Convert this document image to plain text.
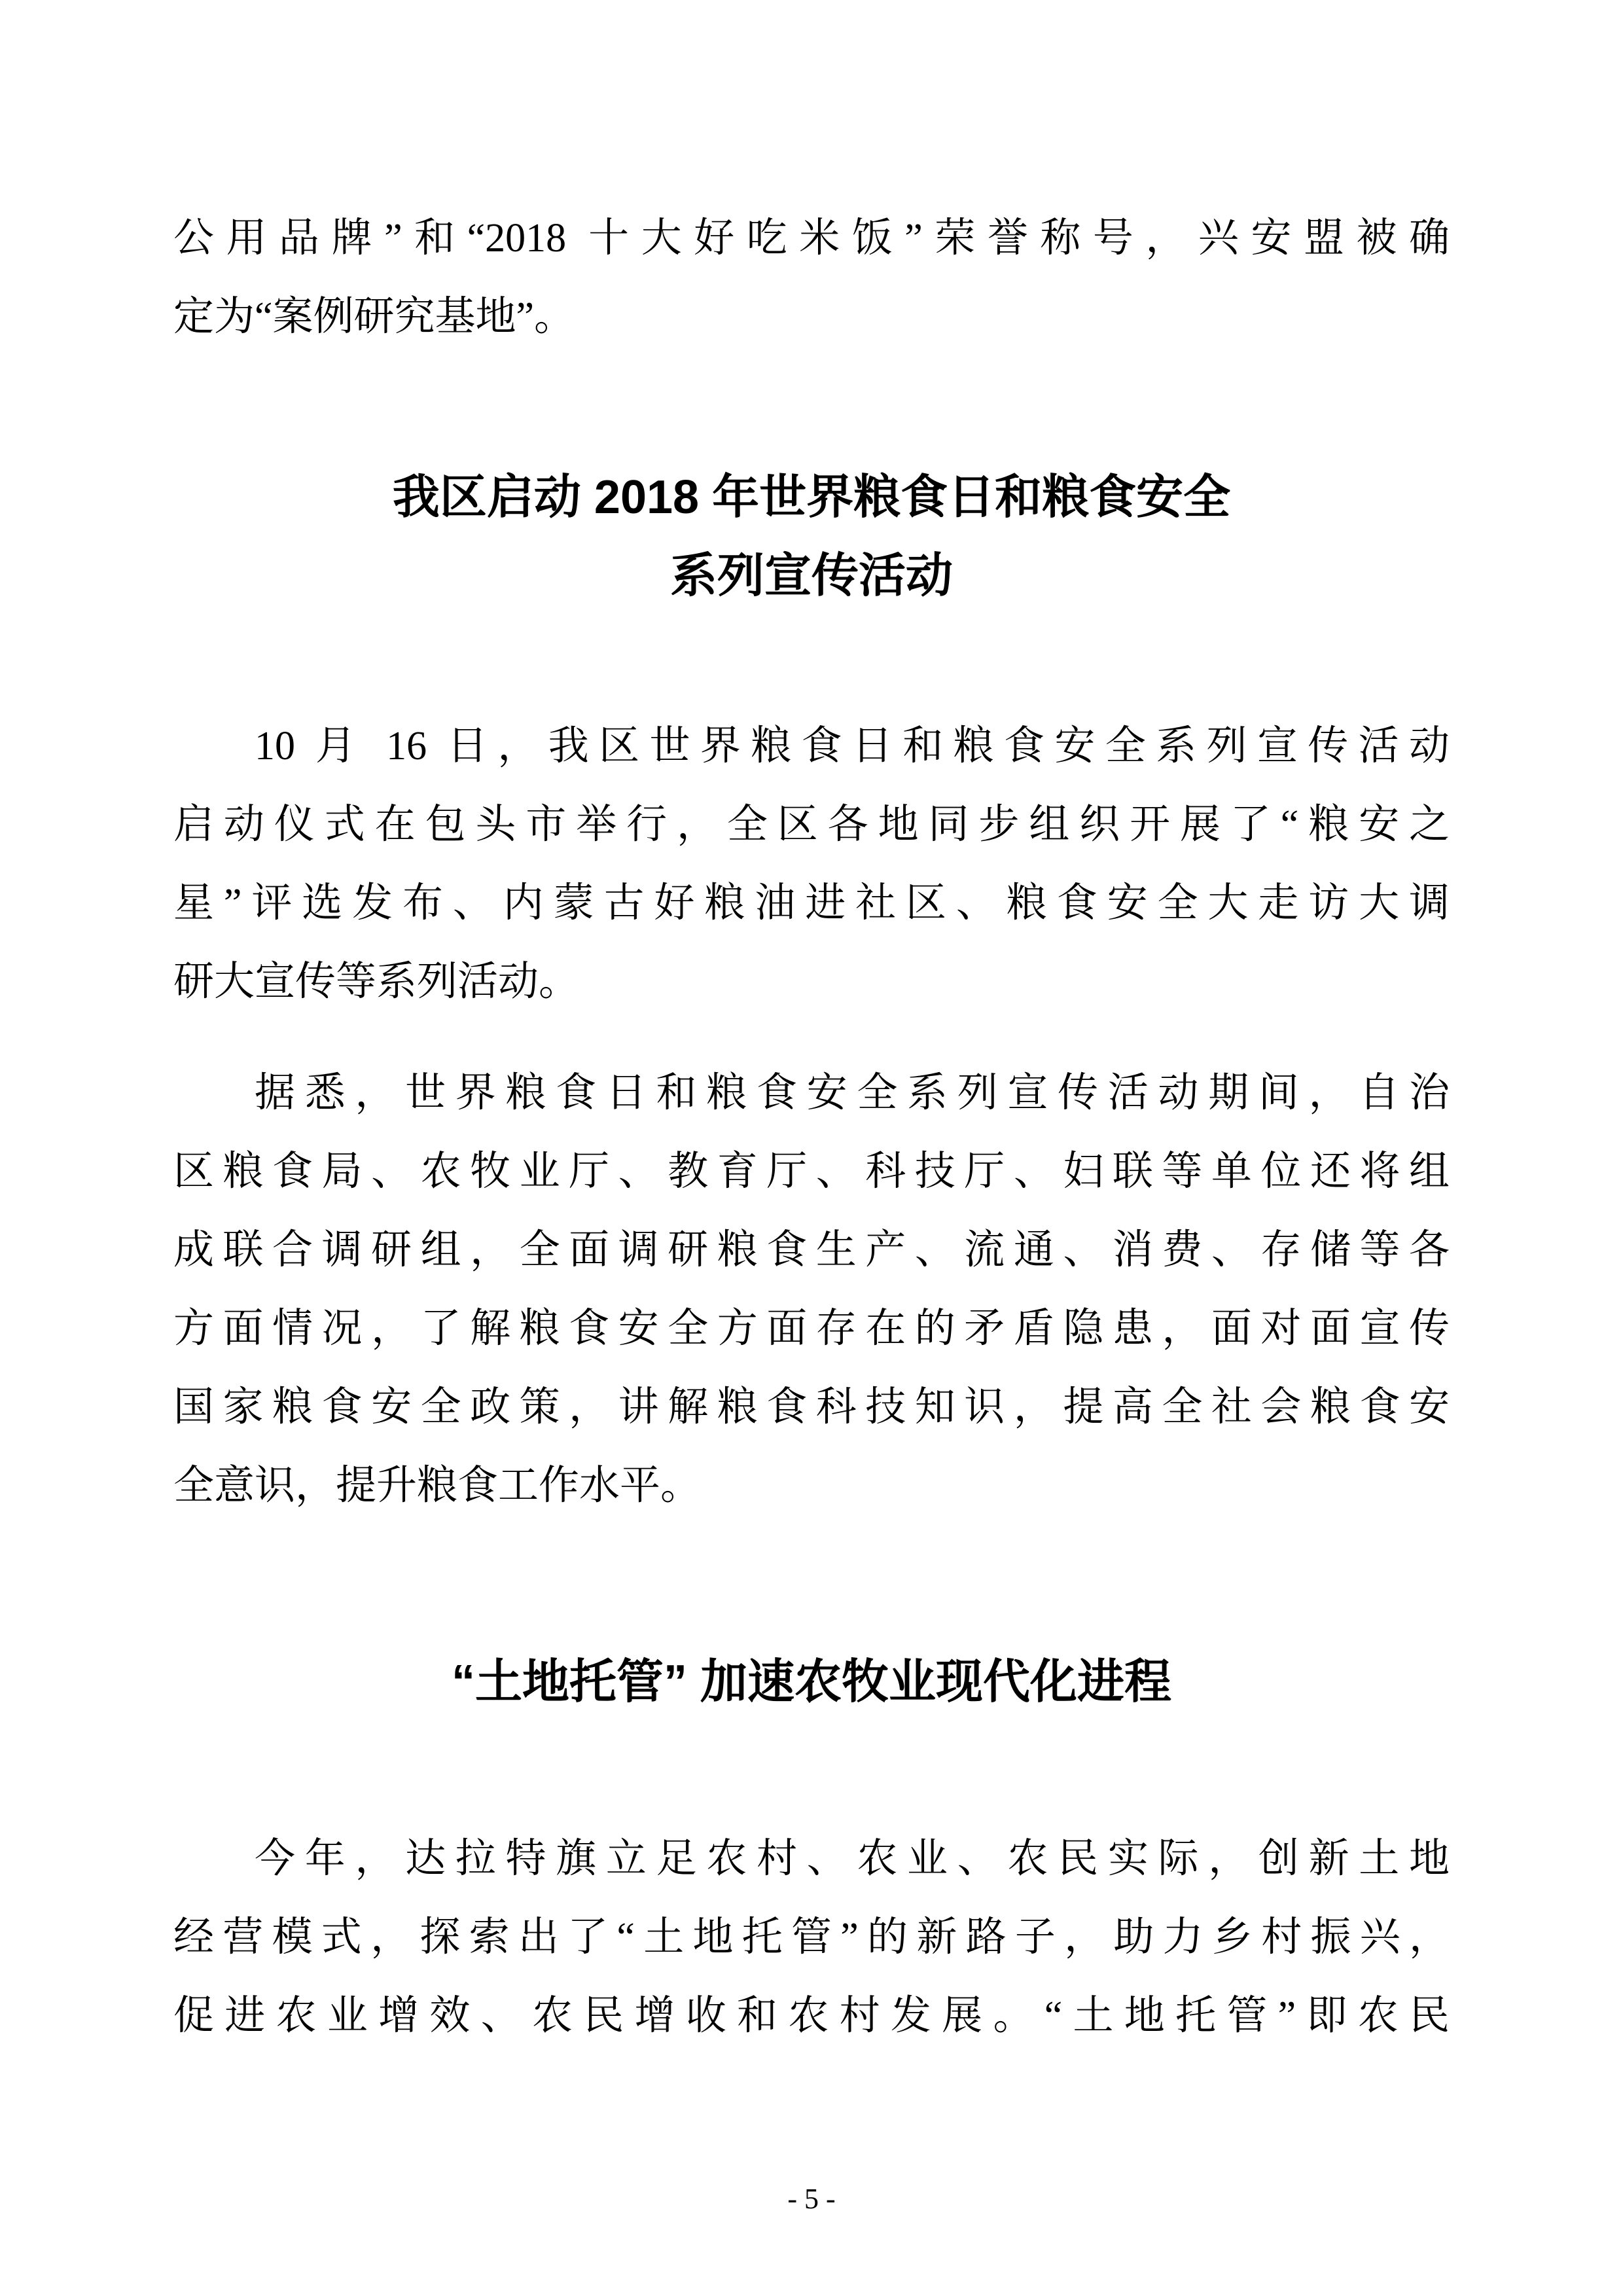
公用品牌”和“2018 十大好吃米饭”荣誉称号，兴安盟被确
定为“案例研究基地”。
我区启动 2018 年世界粮食日和粮食安全
系列宣传活动
10 月 16 日，我区世界粮食日和粮食安全系列宣传活动
启动仪式在包头市举行，全区各地同步组织开展了“粮安之
星”评选发布、内蒙古好粮油进社区、粮食安全大走访大调
研大宣传等系列活动。
据悉，世界粮食日和粮食安全系列宣传活动期间，自治
区粮食局、农牧业厅、教育厅、科技厅、妇联等单位还将组
成联合调研组，全面调研粮食生产、流通、消费、存储等各
方面情况，了解粮食安全方面存在的矛盾隐患，面对面宣传
国家粮食安全政策，讲解粮食科技知识，提高全社会粮食安
全意识，提升粮食工作水平。
“土地托管” 加速农牧业现代化进程
今年，达拉特旗立足农村、农业、农民实际，创新土地
经营模式，探索出了“土地托管”的新路子，助力乡村振兴，
促进农业增效、农民增收和农村发展。“土地托管”即农民
- 5 -
